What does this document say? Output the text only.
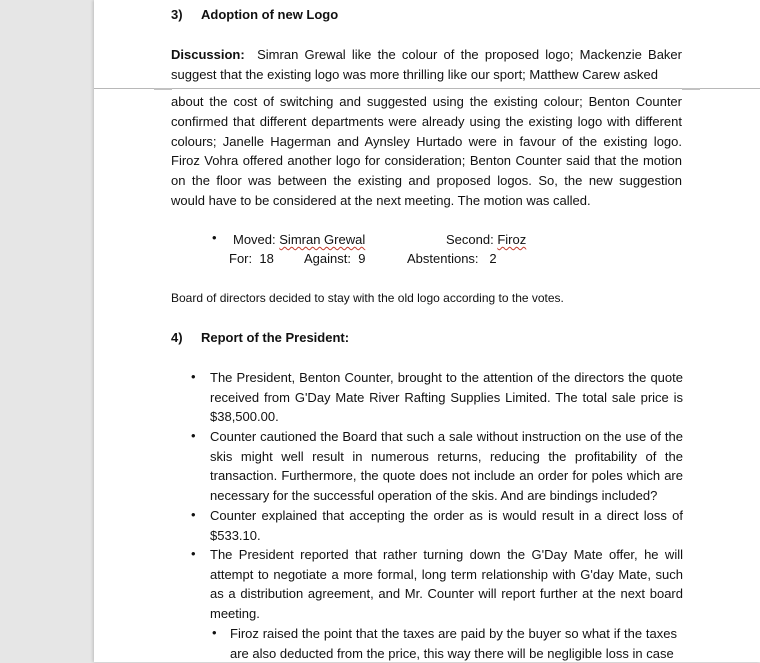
3) Adoption of new Logo
Discussion: Simran Grewal like the colour of the proposed logo; Mackenzie Baker suggest that the existing logo was more thrilling like our sport; Matthew Carew asked
about the cost of switching and suggested using the existing colour; Benton Counter confirmed that different departments were already using the existing logo with different colours; Janelle Hagerman and Aynsley Hurtado were in favour of the existing logo. Firoz Vohra offered another logo for consideration; Benton Counter said that the motion on the floor was between the existing and proposed logos. So, the new suggestion would have to be considered at the next meeting. The motion was called.
• Moved: Simran Grewal	Second: Firoz
For: 18 Against: 9	Abstentions: 2
Board of directors decided to stay with the old logo according to the votes.
4) Report of the President:
• The President, Benton Counter, brought to the attention of the directors the quote received from G'Day Mate River Rafting Supplies Limited. The total sale price is $38,500.00.
• Counter cautioned the Board that such a sale without instruction on the use of the skis might well result in numerous returns, reducing the profitability of the transaction. Furthermore, the quote does not include an order for poles which are necessary for the successful operation of the skis. And are bindings included?
• Counter explained that accepting the order as is would result in a direct loss of $533.10.
• The President reported that rather turning down the G'Day Mate offer, he will attempt to negotiate a more formal, long term relationship with G'day Mate, such as a distribution agreement, and Mr. Counter will report further at the next board meeting.
• Firoz raised the point that the taxes are paid by the buyer so what if the taxes are also deducted from the price, this way there will be negligible loss in case
